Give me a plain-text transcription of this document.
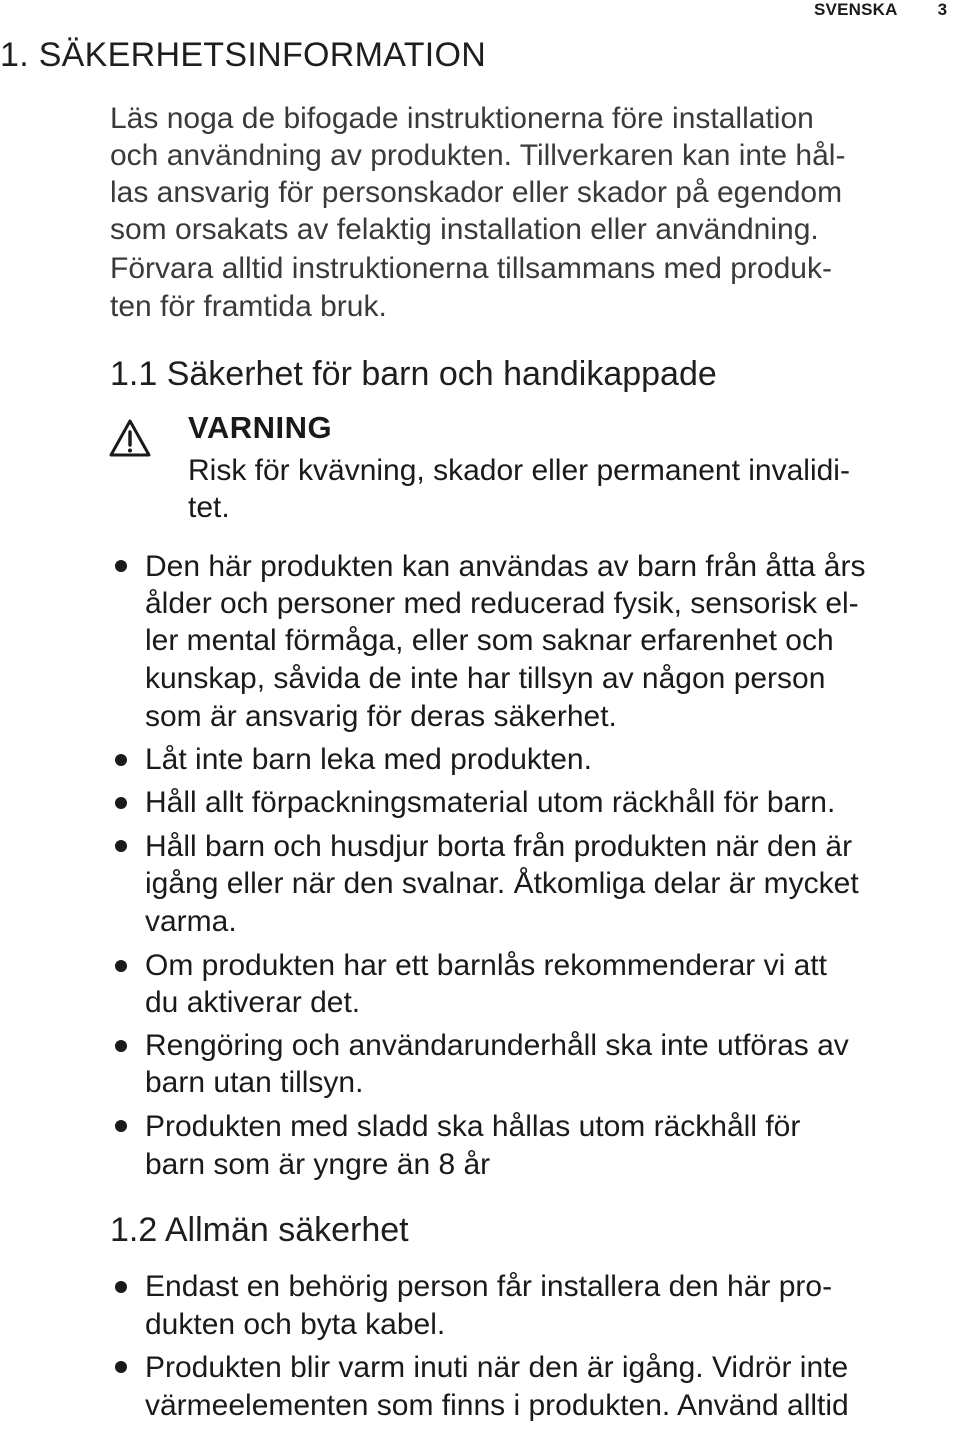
SVENSKA 3
1. SÄKERHETSINFORMATION
Läs noga de bifogade instruktionerna före installation
och användning av produkten. Tillverkaren kan inte hål-
las ansvarig för personskador eller skador på egendom
som orsakats av felaktig installation eller användning.
Förvara alltid instruktionerna tillsammans med produk-
ten för framtida bruk.
1.1 Säkerhet för barn och handikappade
VARNING
Risk för kvävning, skador eller permanent invalidi-
tet.
Den här produkten kan användas av barn från åtta års
ålder och personer med reducerad fysik, sensorisk el-
ler mental förmåga, eller som saknar erfarenhet och
kunskap, såvida de inte har tillsyn av någon person
som är ansvarig för deras säkerhet.
Låt inte barn leka med produkten.
Håll allt förpackningsmaterial utom räckhåll för barn.
Håll barn och husdjur borta från produkten när den är
igång eller när den svalnar. Åtkomliga delar är mycket
varma.
Om produkten har ett barnlås rekommenderar vi att
du aktiverar det.
Rengöring och användarunderhåll ska inte utföras av
barn utan tillsyn.
Produkten med sladd ska hållas utom räckhåll för
barn som är yngre än 8 år
1.2 Allmän säkerhet
Endast en behörig person får installera den här pro-
dukten och byta kabel.
Produkten blir varm inuti när den är igång. Vidrör inte
värmeelementen som finns i produkten. Använd alltid
